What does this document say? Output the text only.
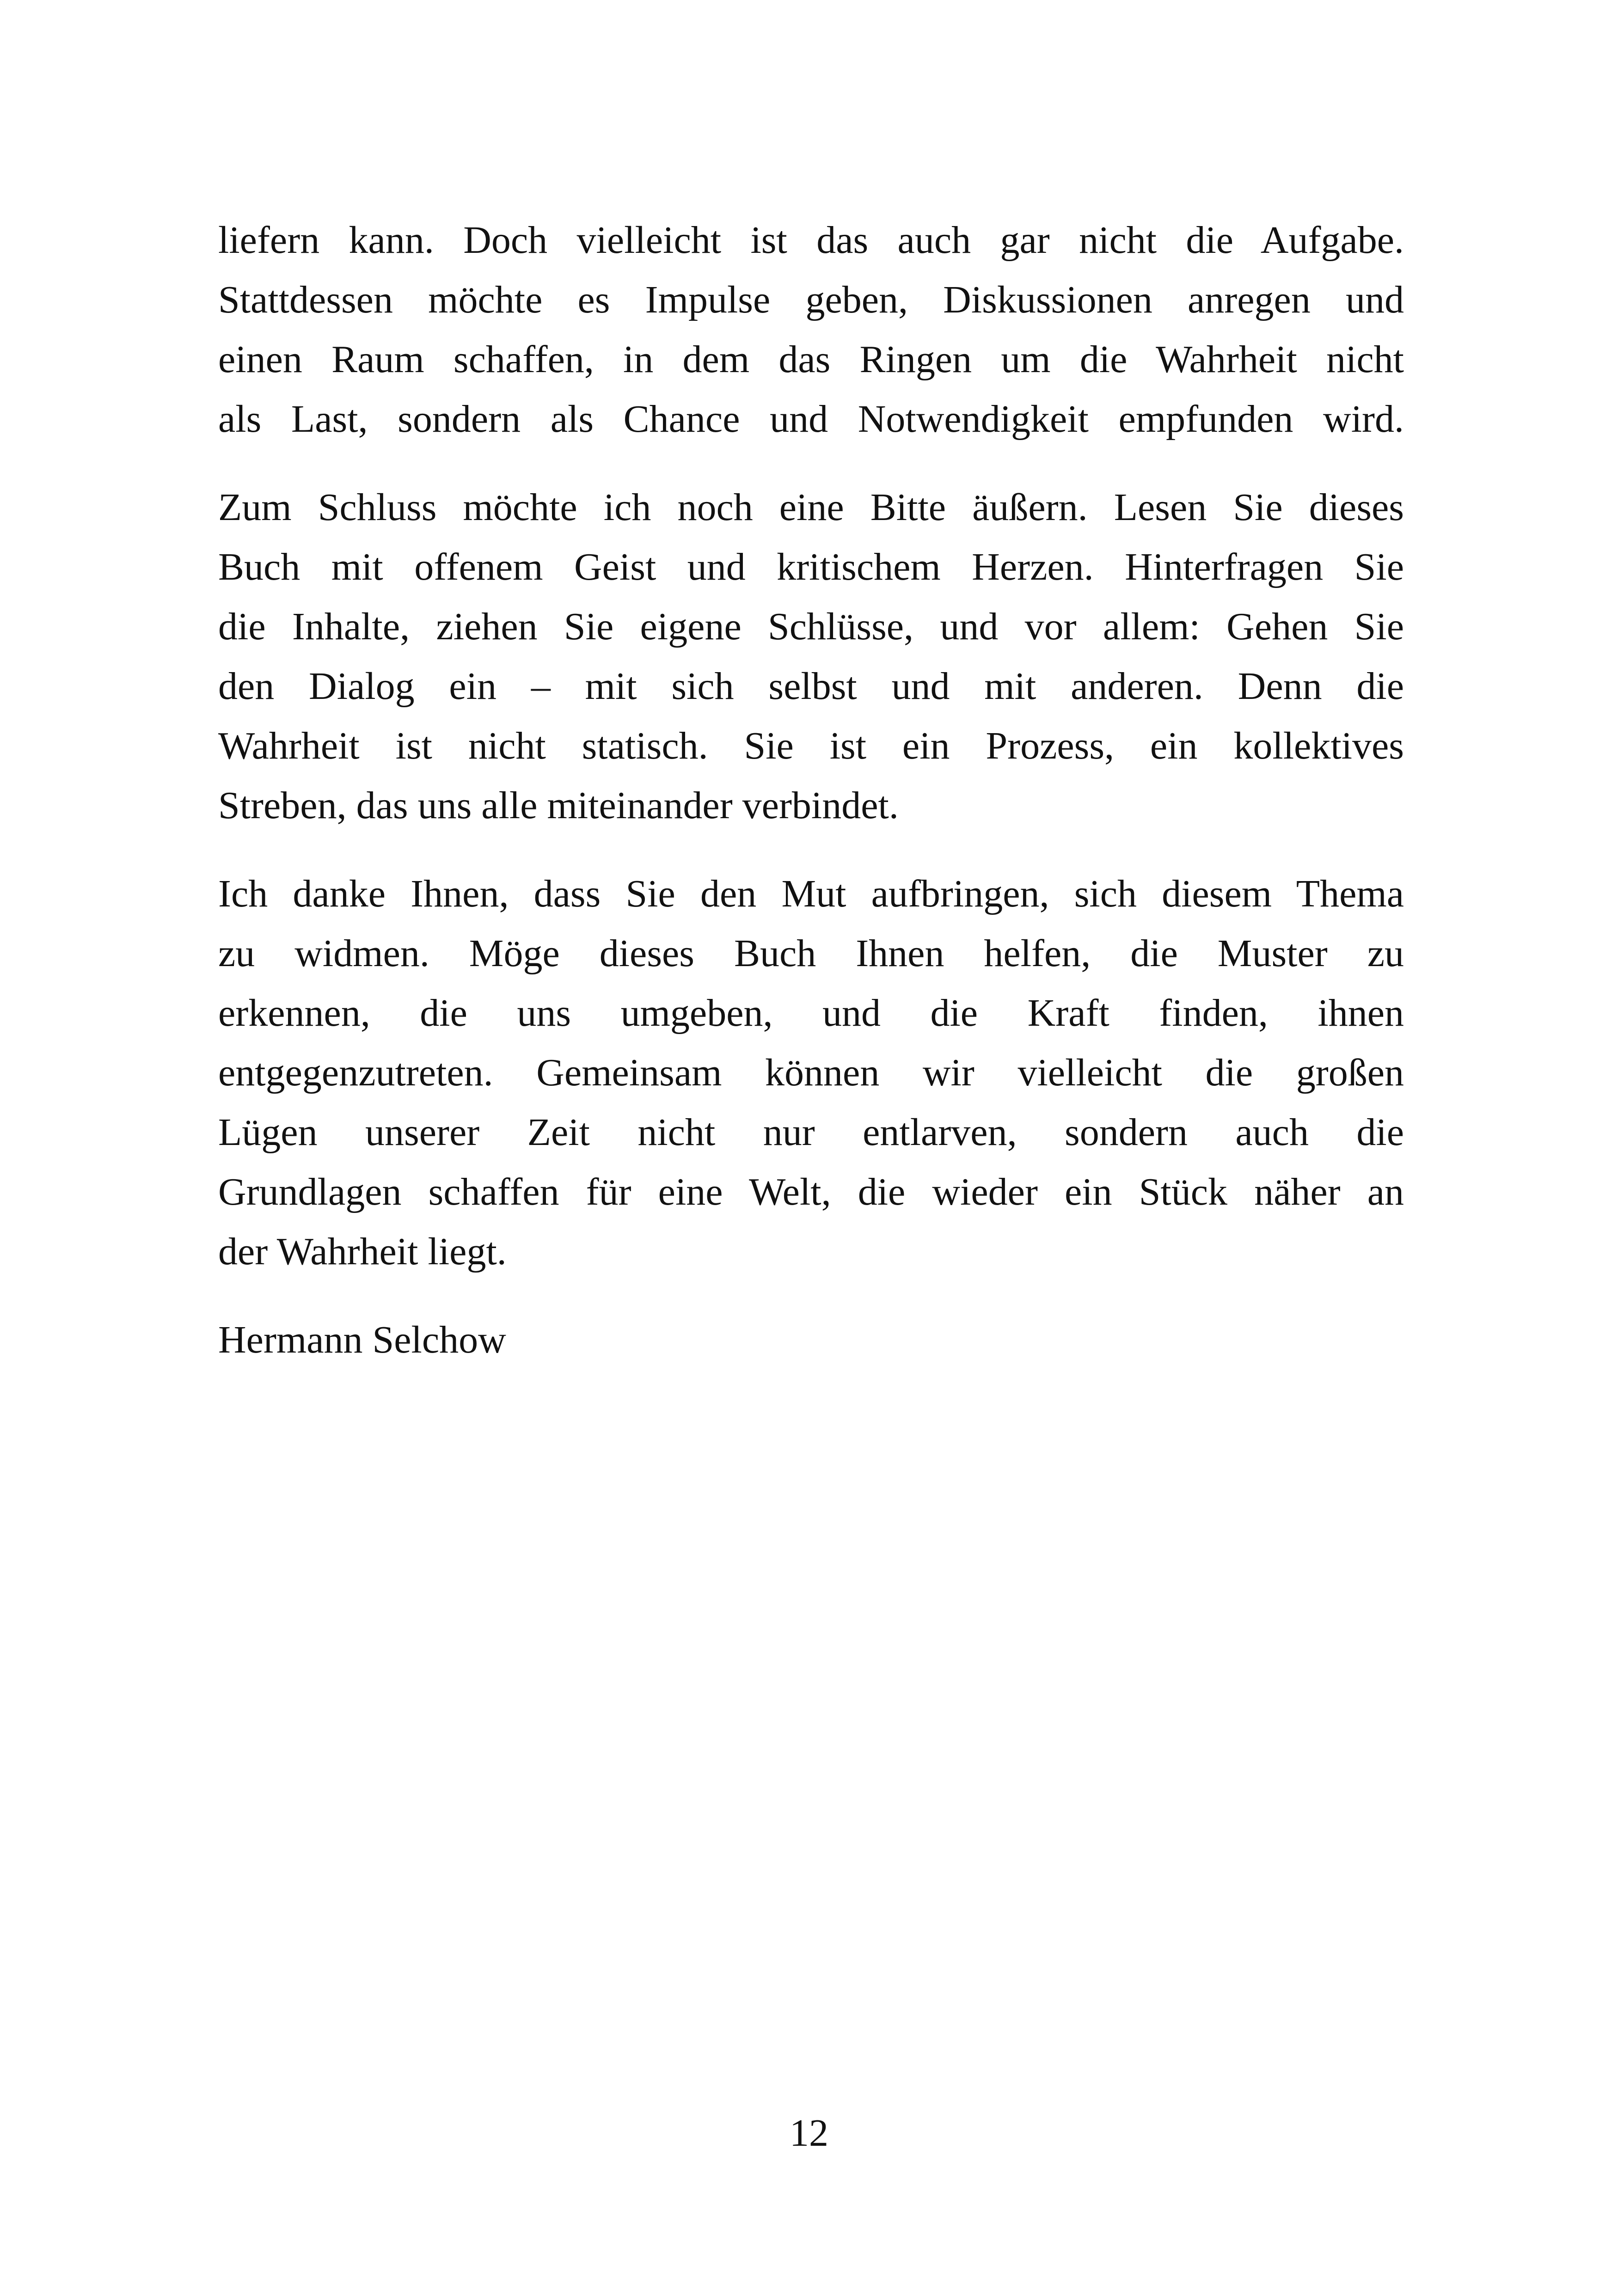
liefern kann. Doch vielleicht ist das auch gar nicht die Aufgabe.
Stattdessen möchte es Impulse geben, Diskussionen anregen und
einen Raum schaffen, in dem das Ringen um die Wahrheit nicht
als Last, sondern als Chance und Notwendigkeit empfunden wird.

Zum Schluss möchte ich noch eine Bitte äußern. Lesen Sie dieses
Buch mit offenem Geist und kritischem Herzen. Hinterfragen Sie
die Inhalte, ziehen Sie eigene Schlüsse, und vor allem: Gehen Sie
den Dialog ein – mit sich selbst und mit anderen. Denn die
Wahrheit ist nicht statisch. Sie ist ein Prozess, ein kollektives
Streben, das uns alle miteinander verbindet.

Ich danke Ihnen, dass Sie den Mut aufbringen, sich diesem Thema
zu widmen. Möge dieses Buch Ihnen helfen, die Muster zu
erkennen, die uns umgeben, und die Kraft finden, ihnen
entgegenzutreten. Gemeinsam können wir vielleicht die großen
Lügen unserer Zeit nicht nur entlarven, sondern auch die
Grundlagen schaffen für eine Welt, die wieder ein Stück näher an
der Wahrheit liegt.

Hermann Selchow

12
